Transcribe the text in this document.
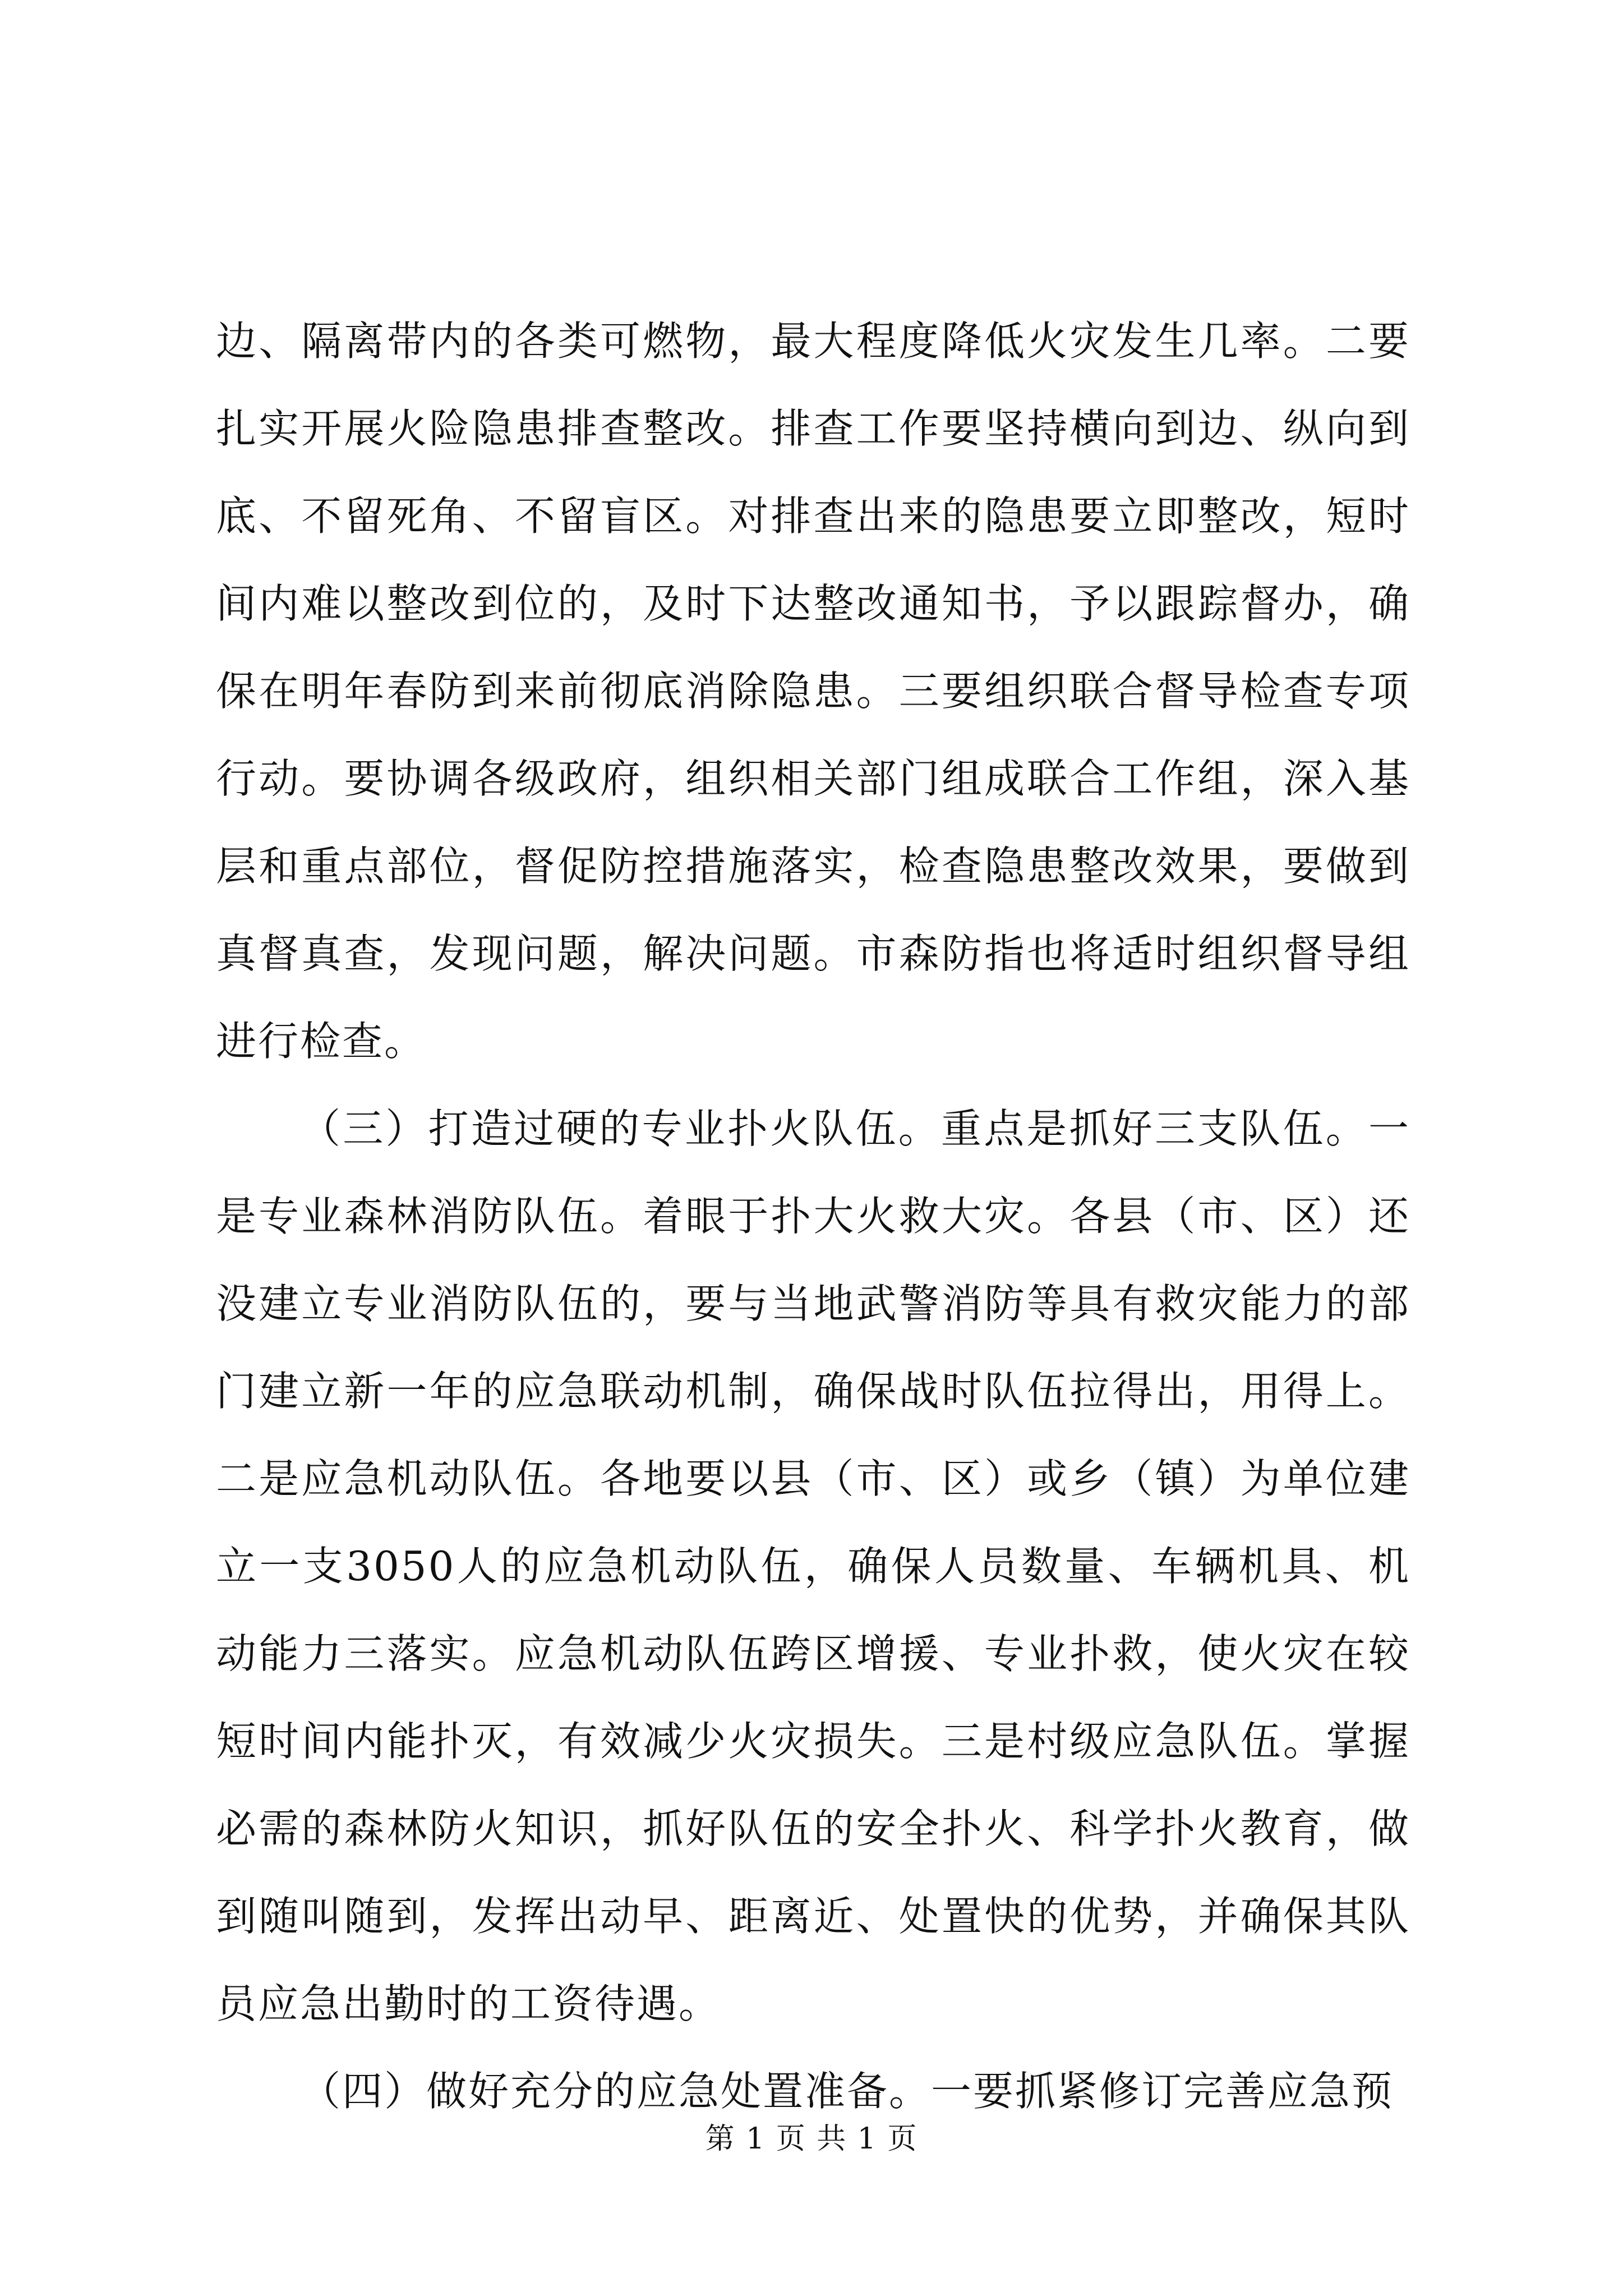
边、隔离带内的各类可燃物，最大程度降低火灾发生几率。二要扎实开展火险隐患排查整改。排查工作要坚持横向到边、纵向到底、不留死角、不留盲区。对排查出来的隐患要立即整改，短时间内难以整改到位的，及时下达整改通知书，予以跟踪督办，确保在明年春防到来前彻底消除隐患。三要组织联合督导检查专项行动。要协调各级政府，组织相关部门组成联合工作组，深入基层和重点部位，督促防控措施落实，检查隐患整改效果，要做到真督真查，发现问题，解决问题。市森防指也将适时组织督导组进行检查。

（三）打造过硬的专业扑火队伍。重点是抓好三支队伍。一是专业森林消防队伍。着眼于扑大火救大灾。各县（市、区）还没建立专业消防队伍的，要与当地武警消防等具有救灾能力的部门建立新一年的应急联动机制，确保战时队伍拉得出，用得上。二是应急机动队伍。各地要以县（市、区）或乡（镇）为单位建立一支3050人的应急机动队伍，确保人员数量、车辆机具、机动能力三落实。应急机动队伍跨区增援、专业扑救，使火灾在较短时间内能扑灭，有效减少火灾损失。三是村级应急队伍。掌握必需的森林防火知识，抓好队伍的安全扑火、科学扑火教育，做到随叫随到，发挥出动早、距离近、处置快的优势，并确保其队员应急出勤时的工资待遇。

（四）做好充分的应急处置准备。一要抓紧修订完善应急预

第 1 页 共 1 页
